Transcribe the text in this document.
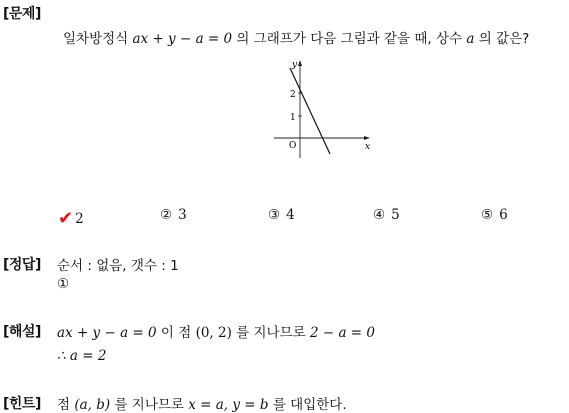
[문제]
일차방정식 ax + y − a = 0 의 그래프가 다음 그림과 같을 때, 상수 a 의 값은?
y
x
O
2
1
✔ 2	② 3	③ 4	④ 5	⑤ 6
[정답] 순서 : 없음, 갯수 : 1
①
[해설] ax + y − a = 0 이 점 (0, 2) 를 지나므로 2 − a = 0
∴ a = 2
[힌트] 점 (a, b) 를 지나므로 x = a, y = b 를 대입한다.
